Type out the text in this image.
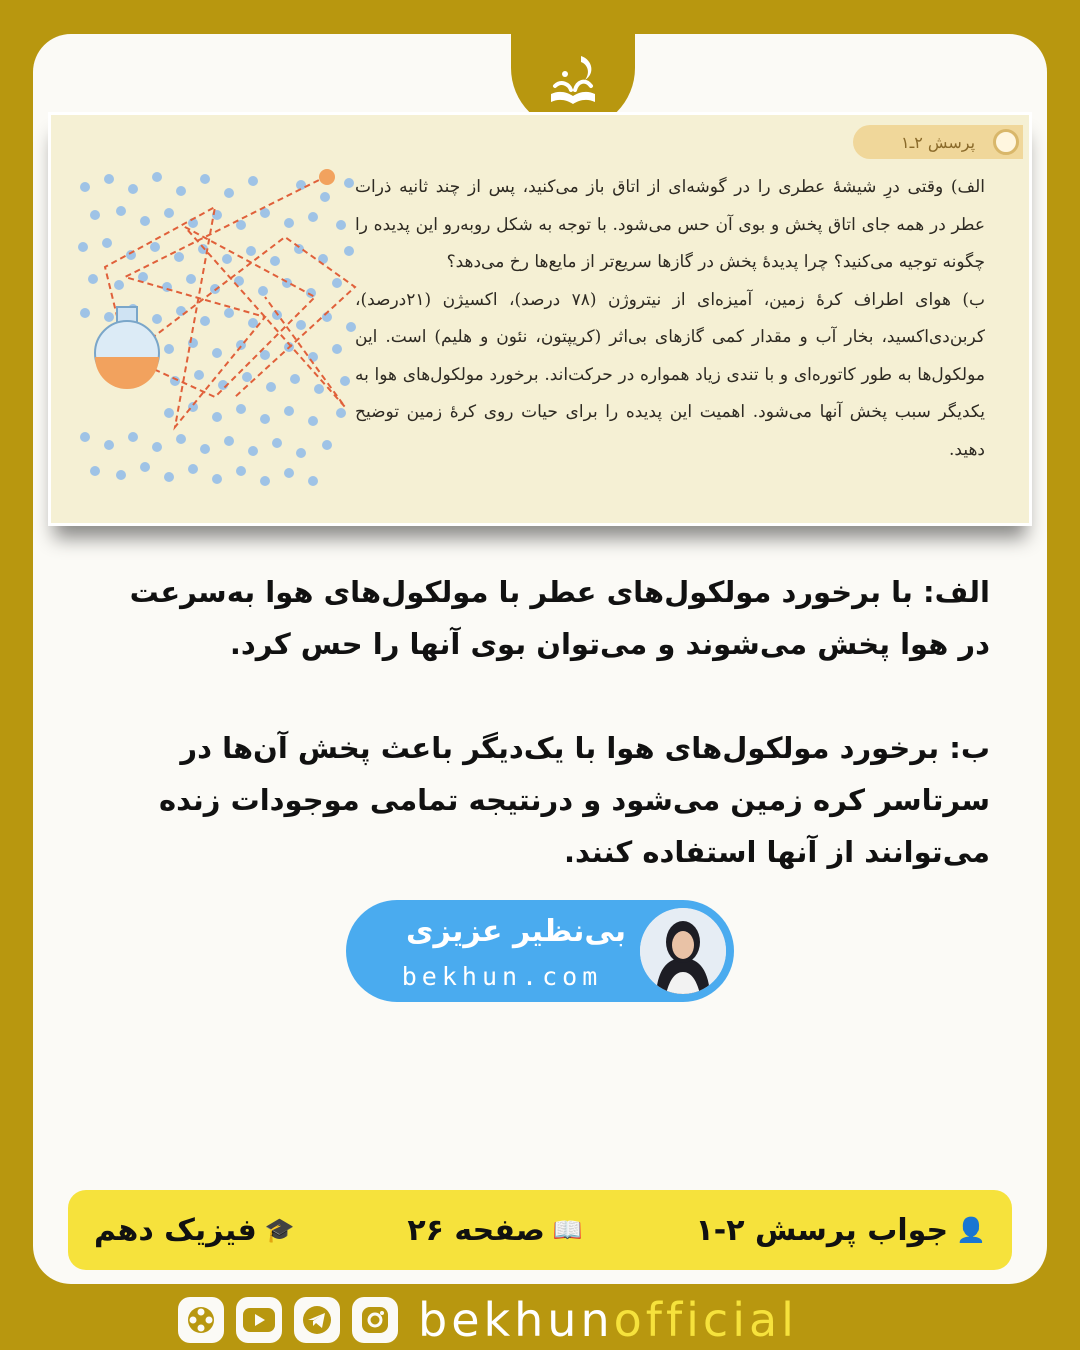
پرسش ۲ـ۱

الف) وقتی درِ شیشهٔ عطری را در گوشه‌ای از اتاق باز می‌کنید، پس از چند ثانیه ذرات عطر در همه جای اتاق پخش و بوی آن حس می‌شود. با توجه به شکل روبه‌رو این پدیده را چگونه توجیه می‌کنید؟ چرا پدیدهٔ پخش در گازها سریع‌تر از مایع‌ها رخ می‌دهد؟

ب) هوای اطراف کرهٔ زمین، آمیزه‌ای از نیتروژن (۷۸ درصد)، اکسیژن (۲۱درصد)، کربن‌دی‌اکسید، بخار آب و مقدار کمی گازهای بی‌اثر (کریپتون، نئون و هلیم) است. این مولکول‌ها به طور کاتوره‌ای و با تندی زیاد همواره در حرکت‌اند. برخورد مولکول‌های هوا به یکدیگر سبب پخش آنها می‌شود. اهمیت این پدیده را برای حیات روی کرهٔ زمین توضیح دهید.

الف: با برخورد مولکول‌های عطر با مولکول‌های هوا به‌سرعت در هوا پخش می‌شوند و می‌توان بوی آنها را حس کرد.

ب: برخورد مولکول‌های هوا با یک‌دیگر باعث پخش آن‌ها در سرتاسر کره زمین می‌شود و درنتیجه تمامی موجودات زنده می‌توانند از آنها استفاده کنند.

بی‌نظیر عزیزی
bekhun.com
👤
جواب پرسش ۲-۱
📖
صفحه ۲۶
🎓
فیزیک دهم
bekhunofficial
